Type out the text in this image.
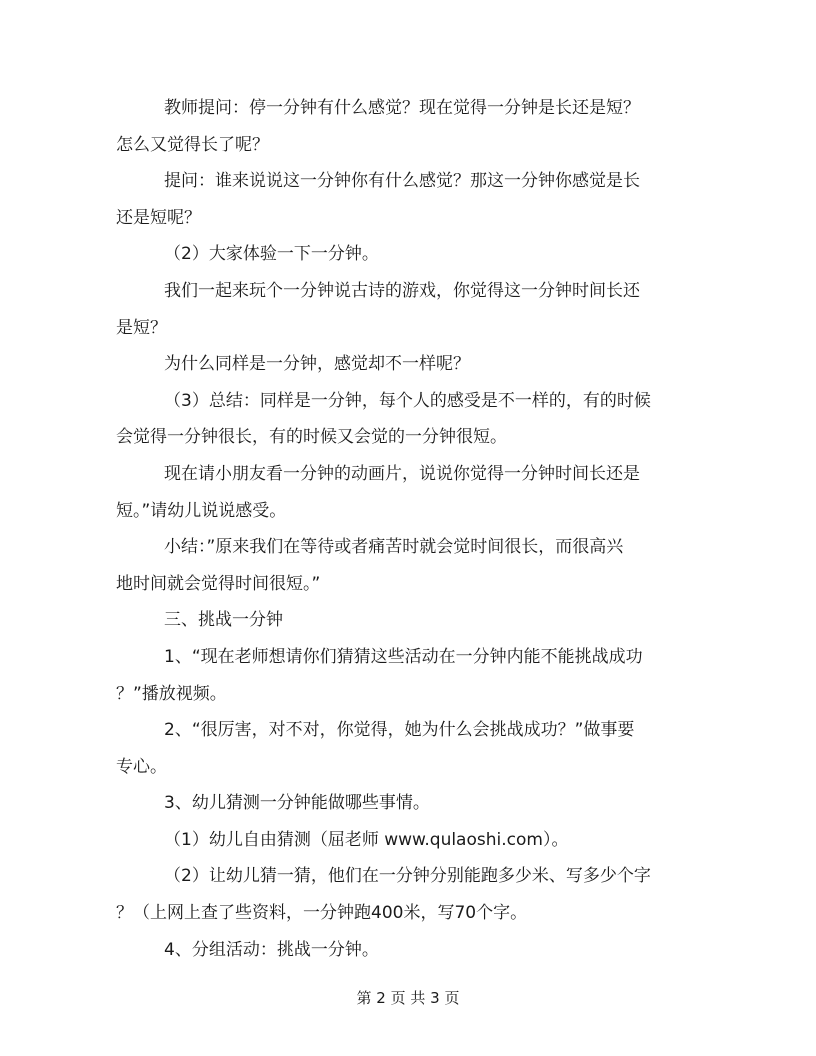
教师提问：停一分钟有什么感觉？现在觉得一分钟是长还是短？

怎么又觉得长了呢？

提问：谁来说说这一分钟你有什么感觉？那这一分钟你感觉是长

还是短呢？

（2）大家体验一下一分钟。

我们一起来玩个一分钟说古诗的游戏，你觉得这一分钟时间长还

是短？

为什么同样是一分钟，感觉却不一样呢？

（3）总结：同样是一分钟，每个人的感受是不一样的，有的时候

会觉得一分钟很长，有的时候又会觉的一分钟很短。

现在请小朋友看一分钟的动画片，说说你觉得一分钟时间长还是

短。”请幼儿说说感受。

小结：”原来我们在等待或者痛苦时就会觉时间很长，而很高兴

地时间就会觉得时间很短。”

三、挑战一分钟

1、“现在老师想请你们猜猜这些活动在一分钟内能不能挑战成功

？”播放视频。

2、“很厉害，对不对，你觉得，她为什么会挑战成功？”做事要

专心。

3、幼儿猜测一分钟能做哪些事情。

（1）幼儿自由猜测（屈老师 www.qulaoshi.com）。

（2）让幼儿猜一猜，他们在一分钟分别能跑多少米、写多少个字

？（上网上查了些资料，一分钟跑400米，写70个字。

4、分组活动：挑战一分钟。

第 2 页 共 3 页
